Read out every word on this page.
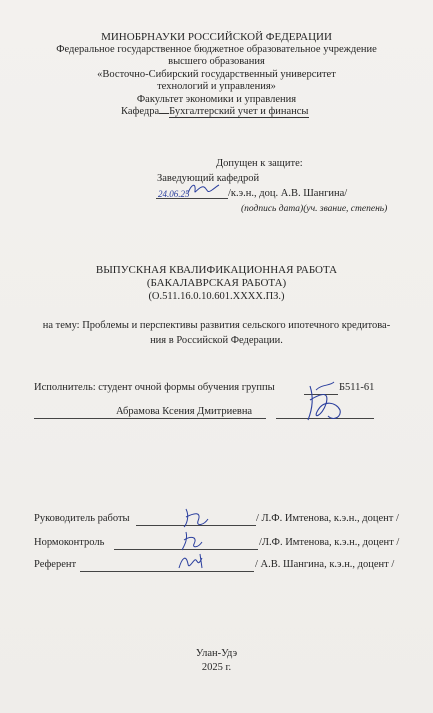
МИНОБРНАУКИ РОССИЙСКОЙ ФЕДЕРАЦИИ
Федеральное государственное бюджетное образовательное учреждение
высшего образования
«Восточно-Сибирский государственный университет
технологий и управления»
Факультет экономики и управления
Кафедра Бухгалтерский учет и финансы
Допущен к защите:
Заведующий кафедрой
24.06.25	/к.э.н., доц. А.В. Шангина/
(подпись дата)(уч. звание, степень)
ВЫПУСКНАЯ КВАЛИФИКАЦИОННАЯ РАБОТА
(БАКАЛАВРСКАЯ РАБОТА)
(О.511.16.0.10.601.ХХХХ.ПЗ.)
на тему: Проблемы и перспективы развития сельского ипотечного кредитова-
ния в Российской Федерации.
Исполнитель: студент очной формы обучения группы	Б511-61
Абрамова Ксения Дмитриевна
Руководитель работы	/ Л.Ф. Имтенова, к.э.н., доцент /
Нормоконтроль	/Л.Ф. Имтенова, к.э.н., доцент /
Референт	/ А.В. Шангина, к.э.н., доцент /
Улан-Удэ
2025 г.
